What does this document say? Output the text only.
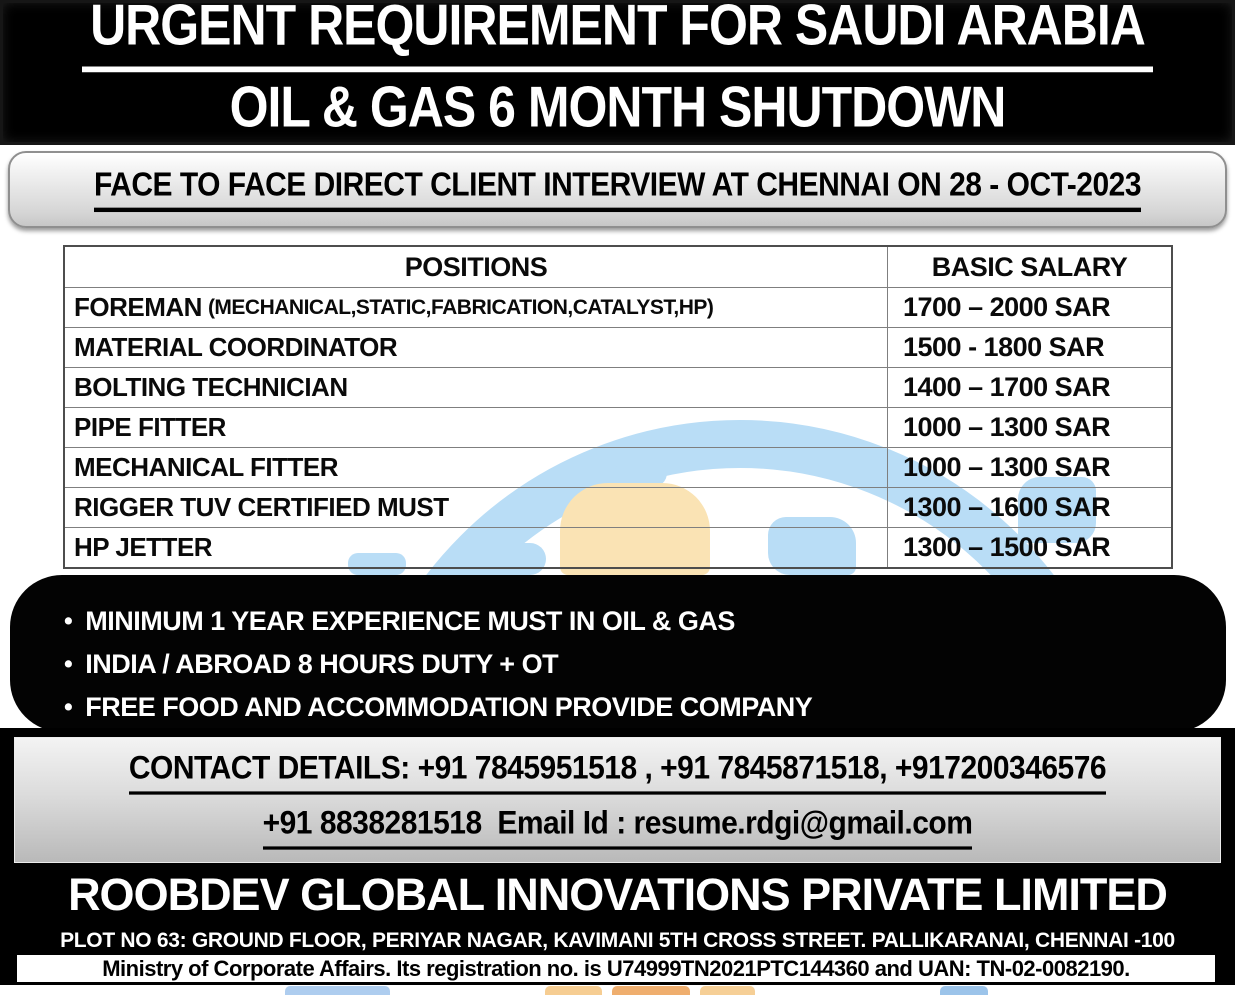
URGENT REQUIREMENT FOR SAUDI ARABIA
OIL & GAS 6 MONTH SHUTDOWN
FACE TO FACE DIRECT CLIENT INTERVIEW AT CHENNAI ON 28 - OCT-2023
POSITIONS	BASIC SALARY
FOREMAN (MECHANICAL,STATIC,FABRICATION,CATALYST,HP)	1700 – 2000 SAR
MATERIAL COORDINATOR	1500 - 1800 SAR
BOLTING TECHNICIAN	1400 – 1700 SAR
PIPE FITTER	1000 – 1300 SAR
MECHANICAL FITTER	1000 – 1300 SAR
RIGGER TUV CERTIFIED MUST	1300 – 1600 SAR
HP JETTER	1300 – 1500 SAR
• MINIMUM 1 YEAR EXPERIENCE MUST IN OIL & GAS
• INDIA / ABROAD 8 HOURS DUTY + OT
• FREE FOOD AND ACCOMMODATION PROVIDE COMPANY
CONTACT DETAILS: +91 7845951518 , +91 7845871518, +917200346576
+91 8838281518  Email Id : resume.rdgi@gmail.com
ROOBDEV GLOBAL INNOVATIONS PRIVATE LIMITED
PLOT NO 63: GROUND FLOOR, PERIYAR NAGAR, KAVIMANI 5TH CROSS STREET. PALLIKARANAI, CHENNAI -100
Ministry of Corporate Affairs. Its registration no. is U74999TN2021PTC144360 and UAN: TN-02-0082190.
